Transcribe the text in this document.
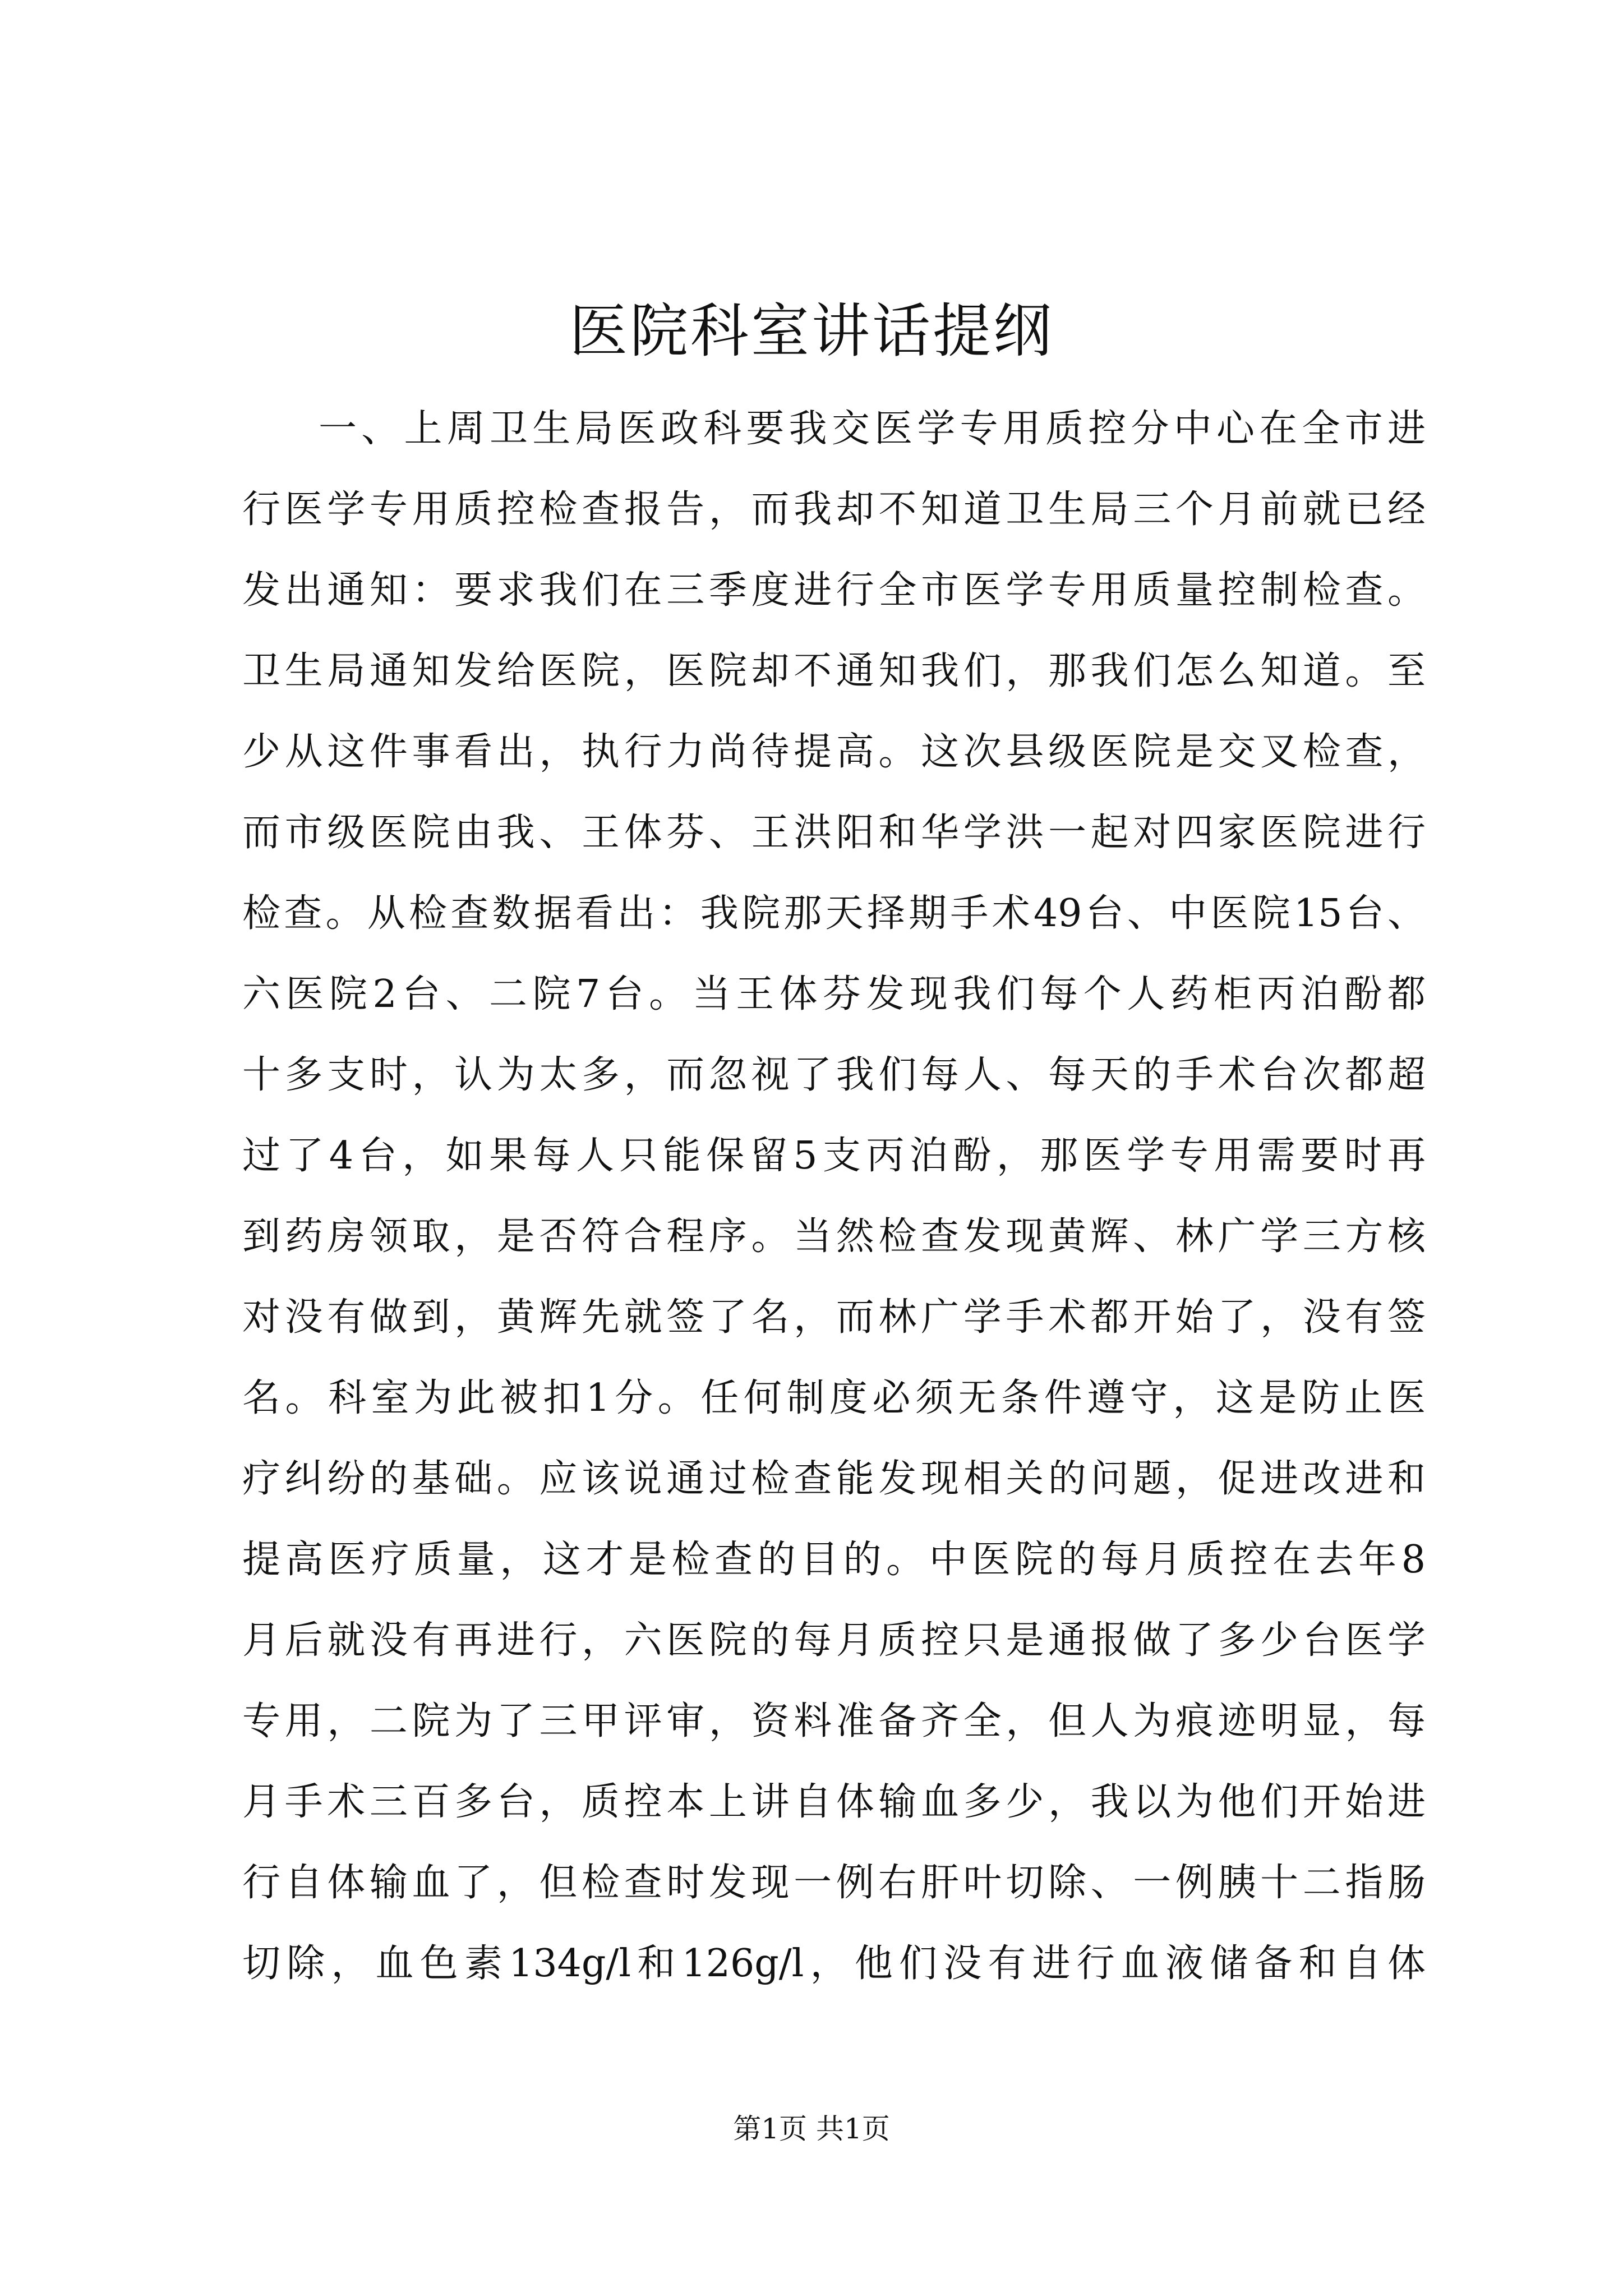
医院科室讲话提纲
一、上周卫生局医政科要我交医学专用质控分中心在全市进
行医学专用质控检查报告，而我却不知道卫生局三个月前就已经
发出通知：要求我们在三季度进行全市医学专用质量控制检查。
卫生局通知发给医院，医院却不通知我们，那我们怎么知道。至
少从这件事看出，执行力尚待提高。这次县级医院是交叉检查，
而市级医院由我、王体芬、王洪阳和华学洪一起对四家医院进行
检查。从检查数据看出：我院那天择期手术49台、中医院15台、
六医院2台、二院7台。当王体芬发现我们每个人药柜丙泊酚都
十多支时，认为太多，而忽视了我们每人、每天的手术台次都超
过了4台，如果每人只能保留5支丙泊酚，那医学专用需要时再
到药房领取，是否符合程序。当然检查发现黄辉、林广学三方核
对没有做到，黄辉先就签了名，而林广学手术都开始了，没有签
名。科室为此被扣1分。任何制度必须无条件遵守，这是防止医
疗纠纷的基础。应该说通过检查能发现相关的问题，促进改进和
提高医疗质量，这才是检查的目的。中医院的每月质控在去年8
月后就没有再进行，六医院的每月质控只是通报做了多少台医学
专用，二院为了三甲评审，资料准备齐全，但人为痕迹明显，每
月手术三百多台，质控本上讲自体输血多少，我以为他们开始进
行自体输血了，但检查时发现一例右肝叶切除、一例胰十二指肠
切除，血色素134g/l和126g/l，他们没有进行血液储备和自体
第1页 共1页
